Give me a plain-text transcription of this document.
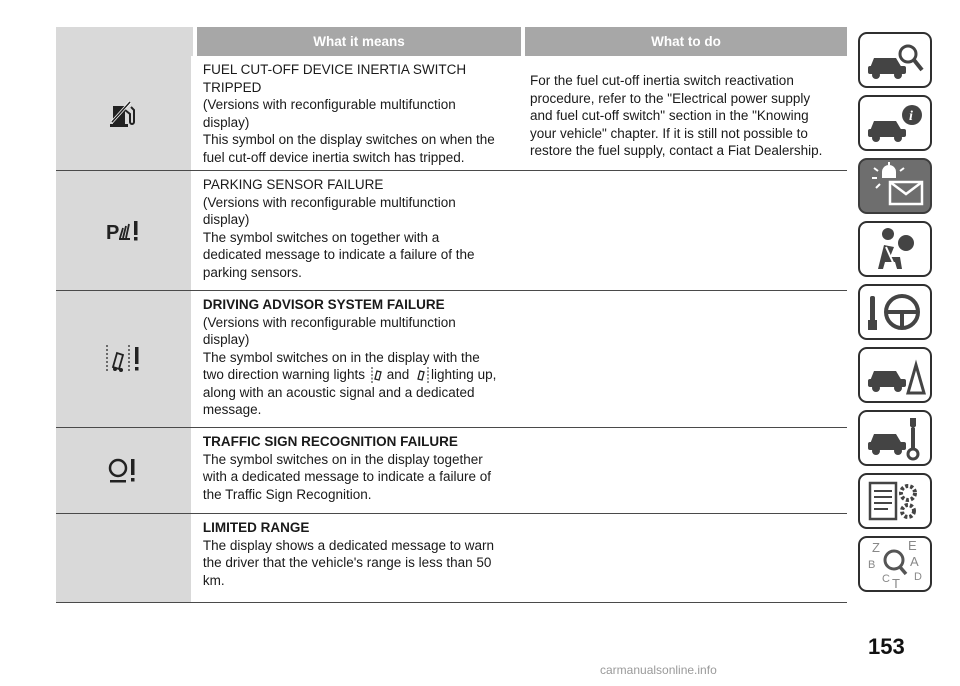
What it means	What to do
FUEL CUT-OFF DEVICE INERTIA SWITCH
TRIPPED
(Versions with reconfigurable multifunction
display)
This symbol on the display switches on when the
fuel cut-off device inertia switch has tripped.
For the fuel cut-off inertia switch reactivation
procedure, refer to the "Electrical power supply
and fuel cut-off switch" section in the "Knowing
your vehicle" chapter. If it is still not possible to
restore the fuel supply, contact a Fiat Dealership.
P
PARKING SENSOR FAILURE
(Versions with reconfigurable multifunction
display)
The symbol switches on together with a
dedicated message to indicate a failure of the
parking sensors.
DRIVING ADVISOR SYSTEM FAILURE
(Versions with reconfigurable multifunction
display)
The symbol switches on in the display with the
two direction warning lights and lighting up,
along with an acoustic signal and a dedicated
message.
TRAFFIC SIGN RECOGNITION FAILURE
The symbol switches on in the display together
with a dedicated message to indicate a failure of
the Traffic Sign Recognition.
LIMITED RANGE
The display shows a dedicated message to warn
the driver that the vehicle's range is less than 50
km.
i
Z E
B	A
C D
T
153
carmanualsonline.info
